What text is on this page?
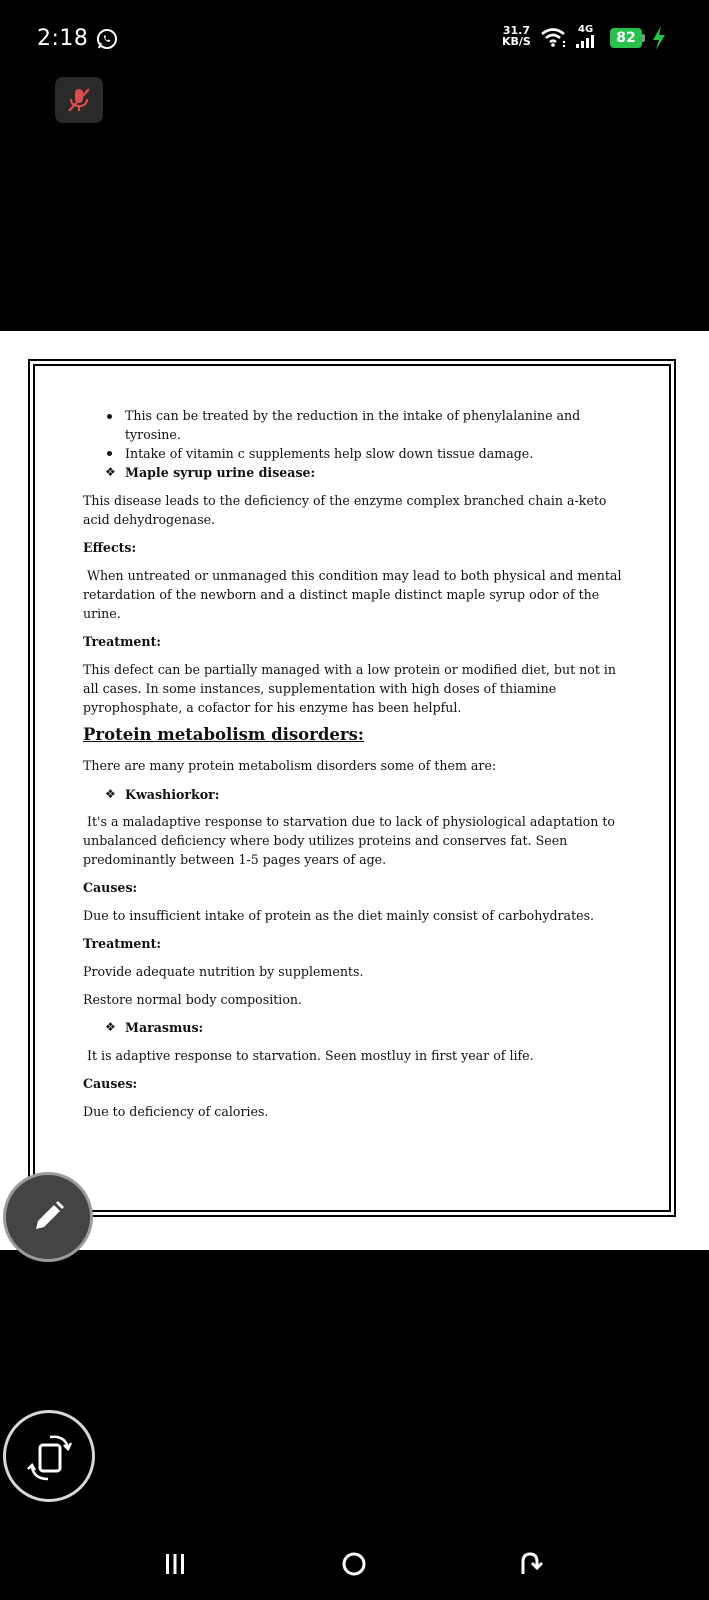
2:18	31.7
KB/S
4G
82
This can be treated by the reduction in the intake of phenylalanine and
tyrosine.
Intake of vitamin c supplements help slow down tissue damage.
❖ Maple syrup urine disease:
This disease leads to the deficiency of the enzyme complex branched chain a-keto
acid dehydrogenase.
Effects:
When untreated or unmanaged this condition may lead to both physical and mental
retardation of the newborn and a distinct maple distinct maple syrup odor of the
urine.
Treatment:
This defect can be partially managed with a low protein or modified diet, but not in
all cases. In some instances, supplementation with high doses of thiamine
pyrophosphate, a cofactor for his enzyme has been helpful.
Protein metabolism disorders:
There are many protein metabolism disorders some of them are:
❖ Kwashiorkor:
It's a maladaptive response to starvation due to lack of physiological adaptation to
unbalanced deficiency where body utilizes proteins and conserves fat. Seen
predominantly between 1-5 pages years of age.
Causes:
Due to insufficient intake of protein as the diet mainly consist of carbohydrates.
Treatment:
Provide adequate nutrition by supplements.
Restore normal body composition.
❖ Marasmus:
It is adaptive response to starvation. Seen mostluy in first year of life.
Causes:
Due to deficiency of calories.
